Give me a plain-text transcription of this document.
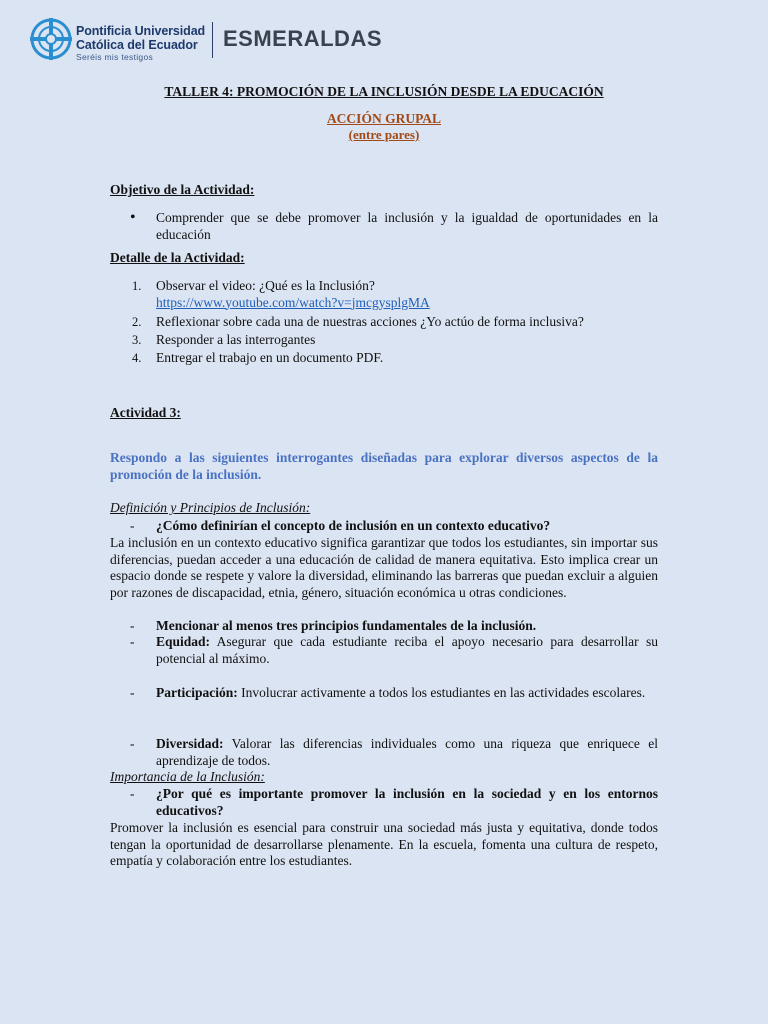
Pontificia Universidad
Católica del Ecuador
Seréis mis testigos
ESMERALDAS
TALLER 4: PROMOCIÓN DE LA INCLUSIÓN DESDE LA EDUCACIÓN
ACCIÓN GRUPAL
(entre pares)
Objetivo de la Actividad:
• Comprender que se debe promover la inclusión y la igualdad de oportunidades en la educación
Detalle de la Actividad:
1. Observar el video: ¿Qué es la Inclusión?
https://www.youtube.com/watch?v=jmcgysplgMA
2. Reflexionar sobre cada una de nuestras acciones ¿Yo actúo de forma inclusiva?
3. Responder a las interrogantes
4. Entregar el trabajo en un documento PDF.
Actividad 3:
Respondo a las siguientes interrogantes diseñadas para explorar diversos aspectos de la promoción de la inclusión.
Definición y Principios de Inclusión:
- ¿Cómo definirían el concepto de inclusión en un contexto educativo?
La inclusión en un contexto educativo significa garantizar que todos los estudiantes, sin importar sus diferencias, puedan acceder a una educación de calidad de manera equitativa. Esto implica crear un espacio donde se respete y valore la diversidad, eliminando las barreras que puedan excluir a alguien por razones de discapacidad, etnia, género, situación económica u otras condiciones.
- Mencionar al menos tres principios fundamentales de la inclusión.
- Equidad: Asegurar que cada estudiante reciba el apoyo necesario para desarrollar su potencial al máximo.
- Participación: Involucrar activamente a todos los estudiantes en las actividades escolares.
- Diversidad: Valorar las diferencias individuales como una riqueza que enriquece el aprendizaje de todos.
Importancia de la Inclusión:
- ¿Por qué es importante promover la inclusión en la sociedad y en los entornos educativos?
Promover la inclusión es esencial para construir una sociedad más justa y equitativa, donde todos tengan la oportunidad de desarrollarse plenamente. En la escuela, fomenta una cultura de respeto, empatía y colaboración entre los estudiantes.
